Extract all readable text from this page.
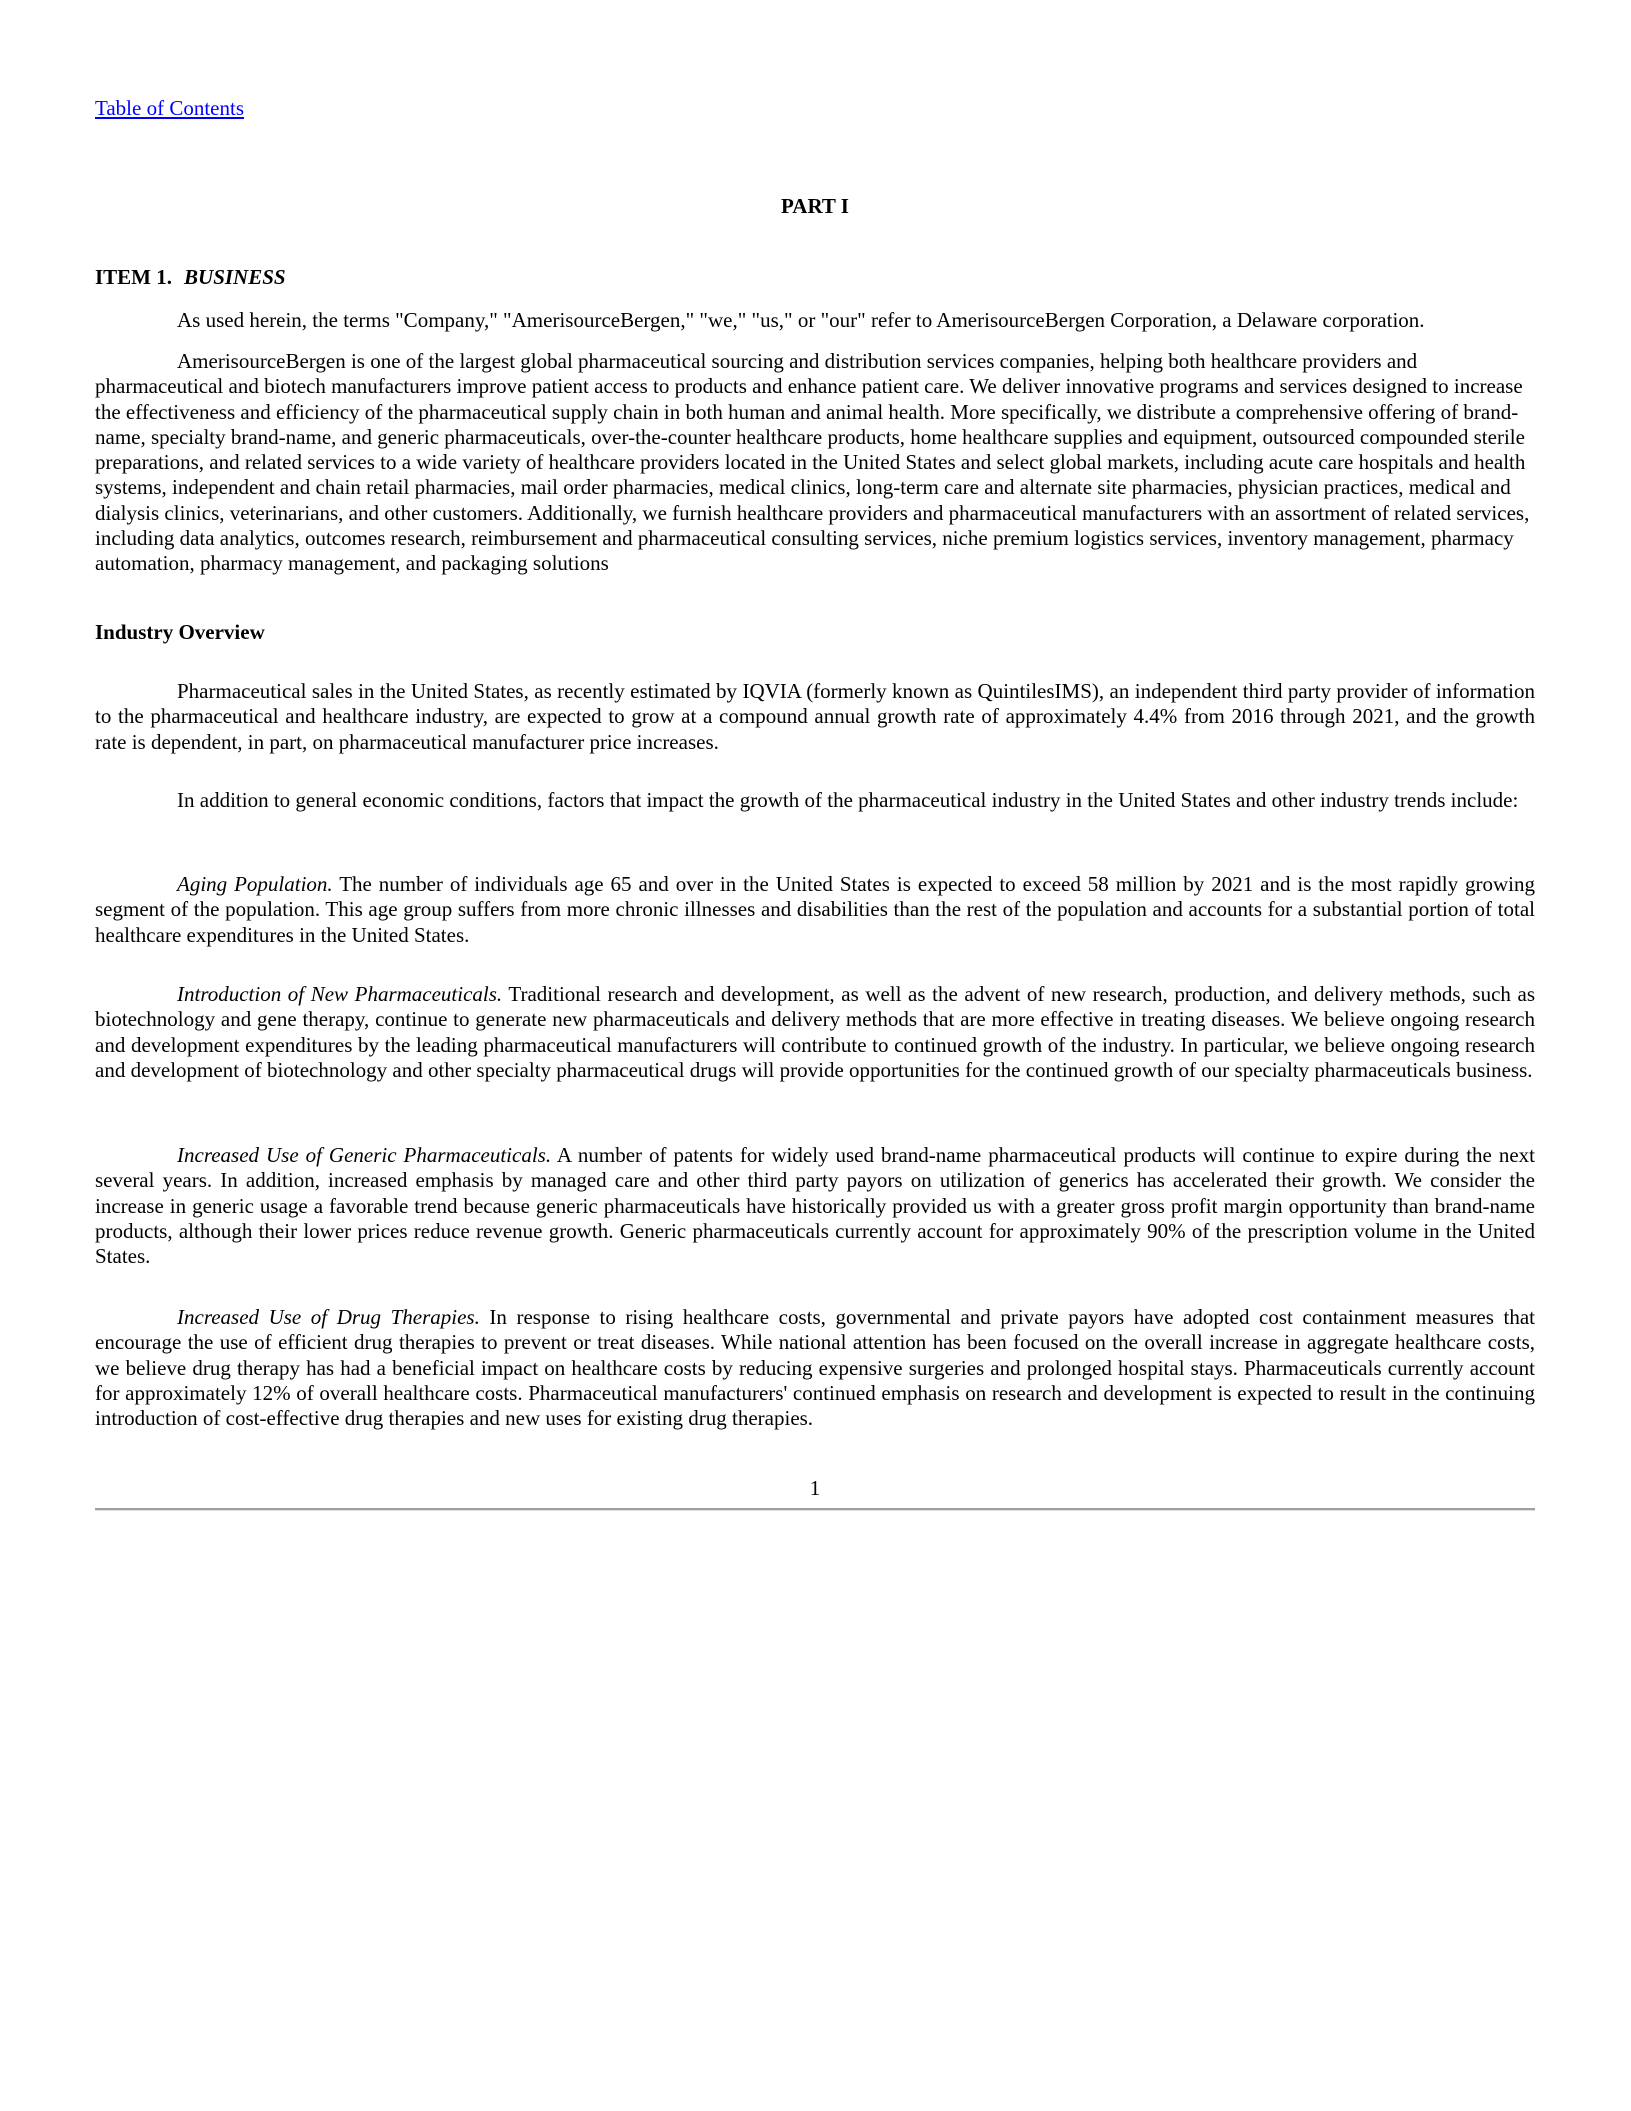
Table of Contents
PART I
ITEM 1. BUSINESS

As used herein, the terms "Company," "AmerisourceBergen," "we," "us," or "our" refer to AmerisourceBergen Corporation, a Delaware corporation.

AmerisourceBergen is one of the largest global pharmaceutical sourcing and distribution services companies, helping both healthcare providers and pharmaceutical and biotech manufacturers improve patient access to products and enhance patient care. We deliver innovative programs and services designed to increase the effectiveness and efficiency of the pharmaceutical supply chain in both human and animal health. More specifically, we distribute a comprehensive offering of brand-name, specialty brand-name, and generic pharmaceuticals, over-the-counter healthcare products, home healthcare supplies and equipment, outsourced compounded sterile preparations, and related services to a wide variety of healthcare providers located in the United States and select global markets, including acute care hospitals and health systems, independent and chain retail pharmacies, mail order pharmacies, medical clinics, long-term care and alternate site pharmacies, physician practices, medical and dialysis clinics, veterinarians, and other customers. Additionally, we furnish healthcare providers and pharmaceutical manufacturers with an assortment of related services, including data analytics, outcomes research, reimbursement and pharmaceutical consulting services, niche premium logistics services, inventory management, pharmacy automation, pharmacy management, and packaging solutions

Industry Overview

Pharmaceutical sales in the United States, as recently estimated by IQVIA (formerly known as QuintilesIMS), an independent third party provider of information to the pharmaceutical and healthcare industry, are expected to grow at a compound annual growth rate of approximately 4.4% from 2016 through 2021, and the growth rate is dependent, in part, on pharmaceutical manufacturer price increases.

In addition to general economic conditions, factors that impact the growth of the pharmaceutical industry in the United States and other industry trends include:

Aging Population. The number of individuals age 65 and over in the United States is expected to exceed 58 million by 2021 and is the most rapidly growing segment of the population. This age group suffers from more chronic illnesses and disabilities than the rest of the population and accounts for a substantial portion of total healthcare expenditures in the United States.

Introduction of New Pharmaceuticals. Traditional research and development, as well as the advent of new research, production, and delivery methods, such as biotechnology and gene therapy, continue to generate new pharmaceuticals and delivery methods that are more effective in treating diseases. We believe ongoing research and development expenditures by the leading pharmaceutical manufacturers will contribute to continued growth of the industry. In particular, we believe ongoing research and development of biotechnology and other specialty pharmaceutical drugs will provide opportunities for the continued growth of our specialty pharmaceuticals business.

Increased Use of Generic Pharmaceuticals. A number of patents for widely used brand-name pharmaceutical products will continue to expire during the next several years. In addition, increased emphasis by managed care and other third party payors on utilization of generics has accelerated their growth. We consider the increase in generic usage a favorable trend because generic pharmaceuticals have historically provided us with a greater gross profit margin opportunity than brand-name products, although their lower prices reduce revenue growth. Generic pharmaceuticals currently account for approximately 90% of the prescription volume in the United States.

Increased Use of Drug Therapies. In response to rising healthcare costs, governmental and private payors have adopted cost containment measures that encourage the use of efficient drug therapies to prevent or treat diseases. While national attention has been focused on the overall increase in aggregate healthcare costs, we believe drug therapy has had a beneficial impact on healthcare costs by reducing expensive surgeries and prolonged hospital stays. Pharmaceuticals currently account for approximately 12% of overall healthcare costs. Pharmaceutical manufacturers' continued emphasis on research and development is expected to result in the continuing introduction of cost-effective drug therapies and new uses for existing drug therapies.

1
